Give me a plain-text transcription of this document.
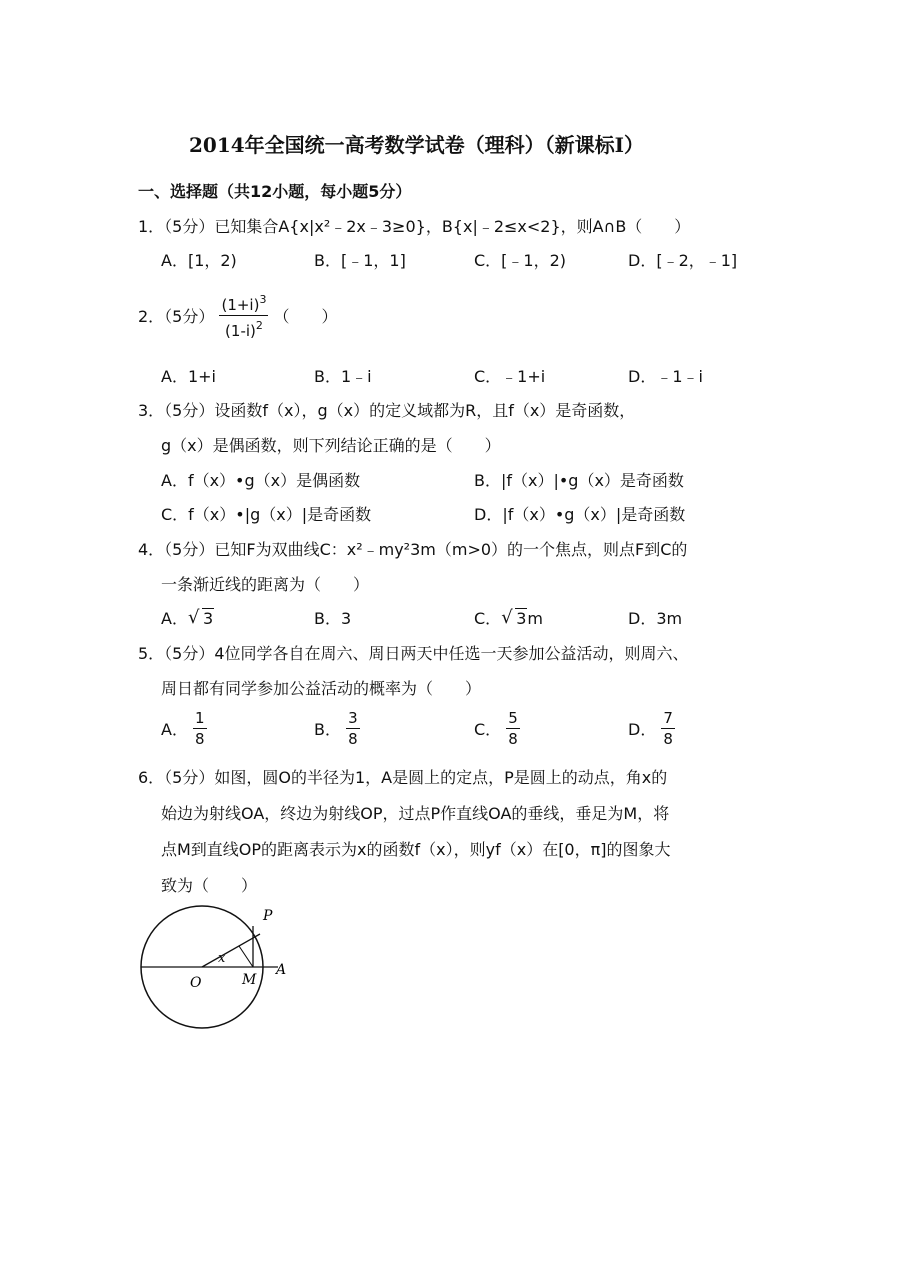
2014年全国统一高考数学试卷（理科）（新课标Ⅰ）
一、选择题（共12小题，每小题5分）
1．（5分）已知集合A{x|x²﹣2x﹣3≥0}，B{x|﹣2≤x<2}，则A∩B（　　）
A．[1，2)	B．[﹣1，1]	C．[﹣1，2)	D．[﹣2，﹣1]
2．（5分） $\frac{(1+i)^3}{(1-i)^2}$ （　　）
A．1+i	B．1﹣i	C．﹣1+i	D．﹣1﹣i
3．（5分）设函数f（x），g（x）的定义域都为R，且f（x）是奇函数，
g（x）是偶函数，则下列结论正确的是（　　）
A．f（x）•g（x）是偶函数	B．|f（x）|•g（x）是奇函数
C．f（x）•|g（x）|是奇函数	D．|f（x）•g（x）|是奇函数
4．（5分）已知F为双曲线C：x²﹣my²3m（m>0）的一个焦点，则点F到C的
一条渐近线的距离为（　　）
A． √ 3	B．3	C． √ 3m	D．3m
5．（5分）4位同学各自在周六、周日两天中任选一天参加公益活动，则周六、
周日都有同学参加公益活动的概率为（　　）
A． $\frac{1}{8}$	B． $\frac{3}{8}$	C． $\frac{5}{8}$	D． $\frac{7}{8}$
6．（5分）如图，圆O的半径为1，A是圆上的定点，P是圆上的动点，角x的
始边为射线OA，终边为射线OP，过点P作直线OA的垂线，垂足为M，将
点M到直线OP的距离表示为x的函数f（x），则yf（x）在[0，π]的图象大
致为（　　）
P
O	M
A
x
